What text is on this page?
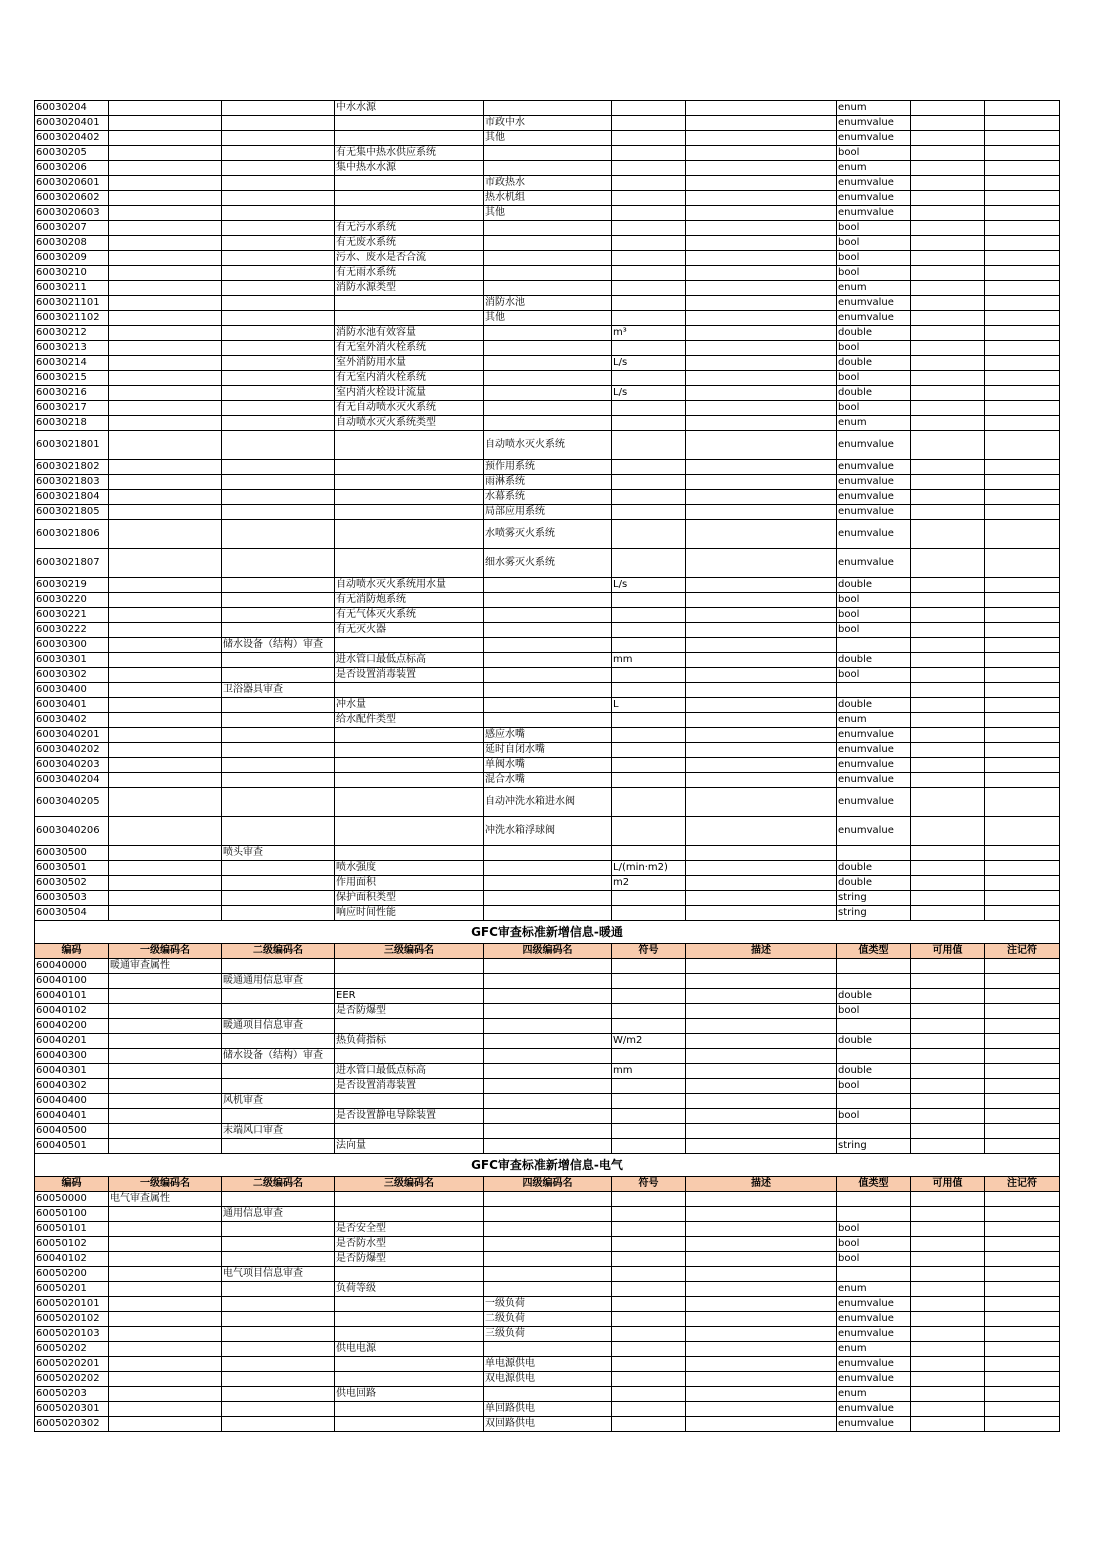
60030204			中水水源				enum		
6003020401				市政中水			enumvalue		
6003020402				其他			enumvalue		
60030205			有无集中热水供应系统				bool		
60030206			集中热水水源				enum		
6003020601				市政热水			enumvalue		
6003020602				热水机组			enumvalue		
6003020603				其他			enumvalue		
60030207			有无污水系统				bool		
60030208			有无废水系统				bool		
60030209			污水、废水是否合流				bool		
60030210			有无雨水系统				bool		
60030211			消防水源类型				enum		
6003021101				消防水池			enumvalue		
6003021102				其他			enumvalue		
60030212			消防水池有效容量		m³		double		
60030213			有无室外消火栓系统				bool		
60030214			室外消防用水量		L/s		double		
60030215			有无室内消火栓系统				bool		
60030216			室内消火栓设计流量		L/s		double		
60030217			有无自动喷水灭火系统				bool		
60030218			自动喷水灭火系统类型				enum		
6003021801				自动喷水灭火系统			enumvalue		
6003021802				预作用系统			enumvalue		
6003021803				雨淋系统			enumvalue		
6003021804				水幕系统			enumvalue		
6003021805				局部应用系统			enumvalue		
6003021806				水喷雾灭火系统			enumvalue		
6003021807				细水雾灭火系统			enumvalue		
60030219			自动喷水灭火系统用水量		L/s		double		
60030220			有无消防炮系统				bool		
60030221			有无气体灭火系统				bool		
60030222			有无灭火器				bool		
60030300		储水设备（结构）审查							
60030301			进水管口最低点标高		mm		double		
60030302			是否设置消毒装置				bool		
60030400		卫浴器具审查							
60030401			冲水量		L		double		
60030402			给水配件类型				enum		
6003040201				感应水嘴			enumvalue		
6003040202				延时自闭水嘴			enumvalue		
6003040203				单阀水嘴			enumvalue		
6003040204				混合水嘴			enumvalue		
6003040205				自动冲洗水箱进水阀			enumvalue		
6003040206				冲洗水箱浮球阀			enumvalue		
60030500		喷头审查							
60030501			喷水强度		L/(min·m2)		double		
60030502			作用面积		m2		double		
60030503			保护面积类型				string		
60030504			响应时间性能				string		
GFC审查标准新增信息-暖通									
编码	一级编码名	二级编码名	三级编码名	四级编码名	符号	描述	值类型	可用值	注记符
60040000	暖通审查属性								
60040100		暖通通用信息审查							
60040101			EER				double		
60040102			是否防爆型				bool		
60040200		暖通项目信息审查							
60040201			热负荷指标		W/m2		double		
60040300		储水设备（结构）审查							
60040301			进水管口最低点标高		mm		double		
60040302			是否设置消毒装置				bool		
60040400		风机审查							
60040401			是否设置静电导除装置				bool		
60040500		末端风口审查							
60040501			法向量				string		
GFC审查标准新增信息-电气									
编码	一级编码名	二级编码名	三级编码名	四级编码名	符号	描述	值类型	可用值	注记符
60050000	电气审查属性								
60050100		通用信息审查							
60050101			是否安全型				bool		
60050102			是否防水型				bool		
60040102			是否防爆型				bool		
60050200		电气项目信息审查							
60050201			负荷等级				enum		
6005020101				一级负荷			enumvalue		
6005020102				二级负荷			enumvalue		
6005020103				三级负荷			enumvalue		
60050202			供电电源				enum		
6005020201				单电源供电			enumvalue		
6005020202				双电源供电			enumvalue		
60050203			供电回路				enum		
6005020301				单回路供电			enumvalue		
6005020302				双回路供电			enumvalue		
